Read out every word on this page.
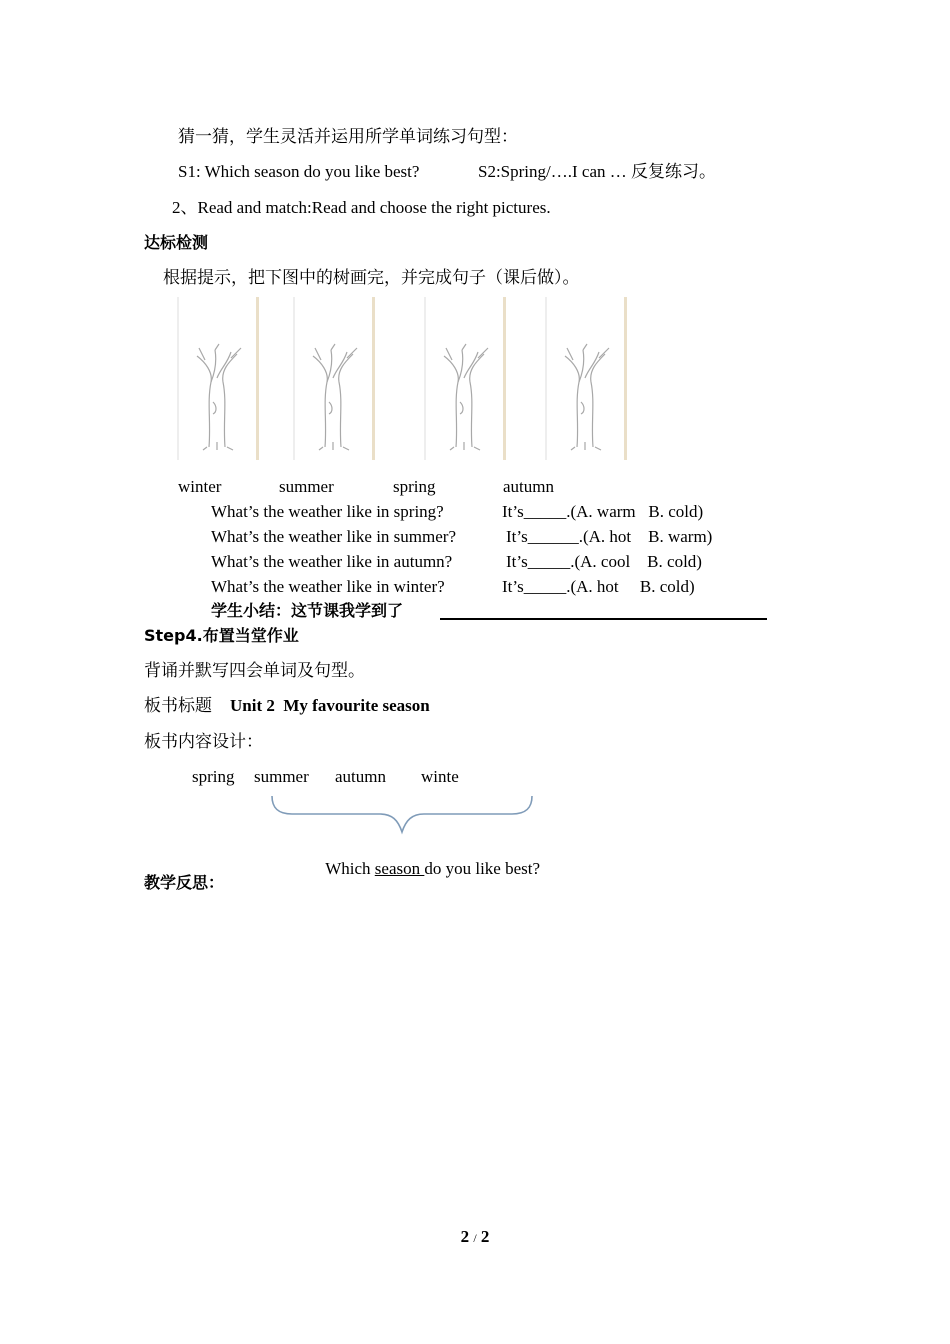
猜一猜，学生灵活并运用所学单词练习句型：
S1: Which season do you like best?	S2:Spring/….I can … 反复练习。
2、Read and match:Read and choose the right pictures.
达标检测
根据提示，把下图中的树画完，并完成句子（课后做）。
winter	summer	spring	autumn
What’s the weather like in spring?	It’s_____.(A. warm   B. cold)
What’s the weather like in summer?	It’s______.(A. hot    B. warm)
What’s the weather like in autumn?	It’s_____.(A. cool    B. cold)
What’s the weather like in winter?	It’s_____.(A. hot     B. cold)
学生小结：这节课我学到了
Step4.布置当堂作业
背诵并默写四会单词及句型。
板书标题 Unit 2  My favourite season
板书内容设计：
spring summer autumn winte

Which season do you like best?

教学反思：
2 / 2
